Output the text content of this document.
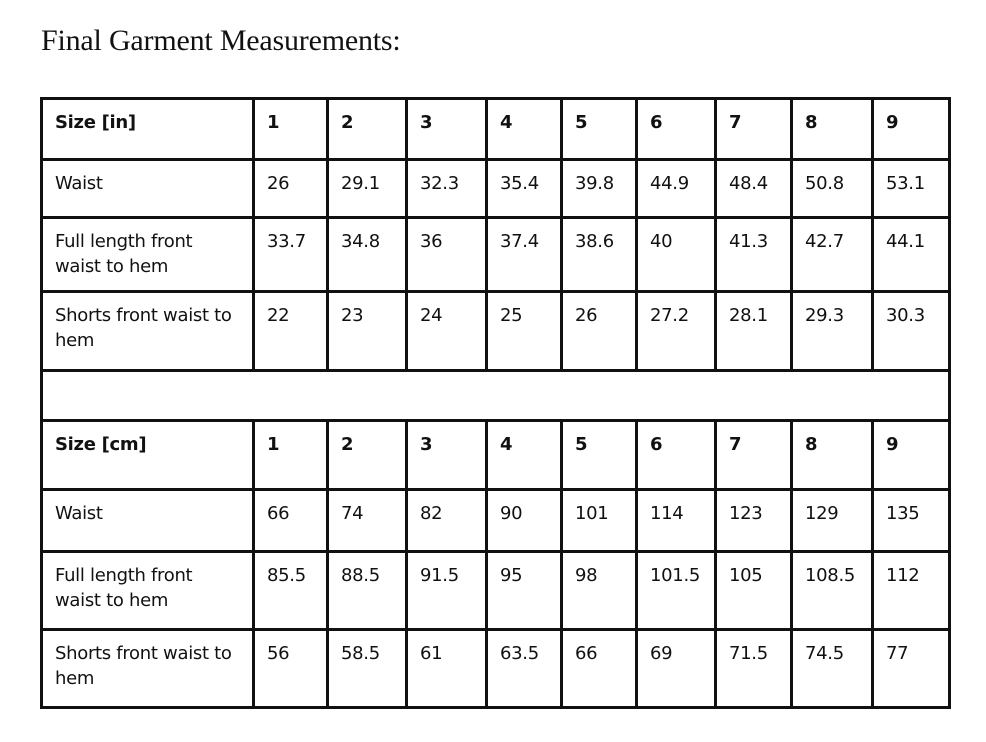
Final Garment Measurements:
Size [in]	1	2	3	4	5	6	7	8	9
Waist	26	29.1	32.3	35.4	39.8	44.9	48.4	50.8	53.1
Full length front waist to hem	33.7	34.8	36	37.4	38.6	40	41.3	42.7	44.1
Shorts front waist to hem	22	23	24	25	26	27.2	28.1	29.3	30.3

Size [cm]	1	2	3	4	5	6	7	8	9
Waist	66	74	82	90	101	114	123	129	135
Full length front waist to hem	85.5	88.5	91.5	95	98	101.5	105	108.5	112
Shorts front waist to hem	56	58.5	61	63.5	66	69	71.5	74.5	77
